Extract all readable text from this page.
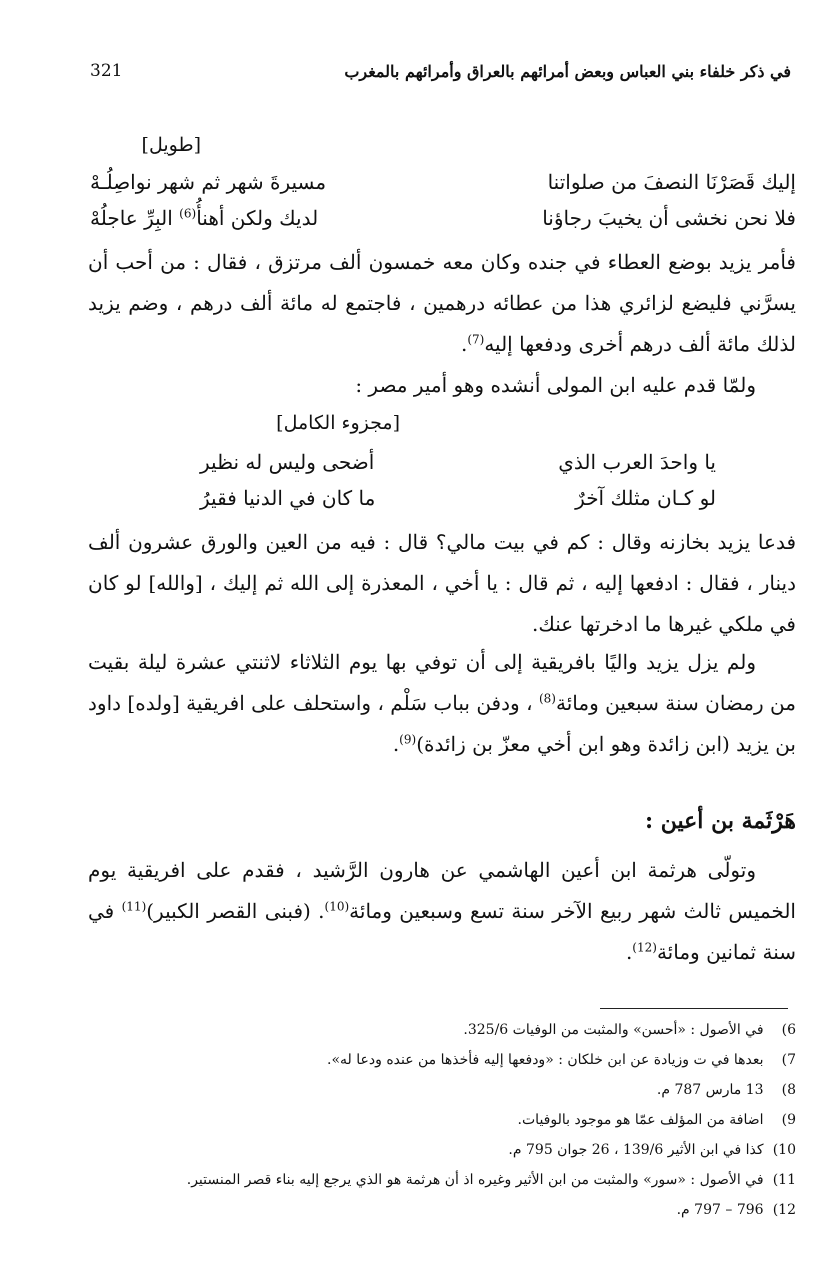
321	في ذكر خلفاء بني العباس وبعض أمرائهم بالعراق وأمرائهم بالمغرب
[طويل]
إليك قَصَرْنَا النصفَ من صلواتنا
مسيرةَ شهر ثم شهر نواصِلُـهْ
فلا نحن نخشى أن يخيبَ رجاؤنا
لديك ولكن أهنأُ$^{(6)}$ البِرِّ عاجلُهْ
فأمر يزيد بوضع العطاء في جنده وكان معه خمسون ألف مرتزق ، فقال : من أحب أن يسرَّني فليضع لزائري هذا من عطائه درهمين ، فاجتمع له مائة ألف درهم ، وضم يزيد لذلك مائة ألف درهم أخرى ودفعها إليه$^{(7)}$.
ولمّا قدم عليه ابن المولى أنشده وهو أمير مصر :
[مجزوء الكامل]
يا واحدَ العرب الذي
أضحى وليس له نظير
لو كـان مثلك آخرٌ
ما كان في الدنيا فقيرُ
فدعا يزيد بخازنه وقال : كم في بيت مالي؟ قال : فيه من العين والورق عشرون ألف دينار ، فقال : ادفعها إليه ، ثم قال : يا أخي ، المعذرة إلى الله ثم إليك ، [والله] لو كان في ملكي غيرها ما ادخرتها عنك.
ولم يزل يزيد واليًا بافريقية إلى أن توفي بها يوم الثلاثاء لاثنتي عشرة ليلة بقيت من رمضان سنة سبعين ومائة$^{(8)}$ ، ودفن بباب سَلْم ، واستحلف على افريقية [ولده] داود بن يزيد (ابن زائدة وهو ابن أخي معزّ بن زائدة)$^{(9)}$.
هَرْثَمة بن أعين :
وتولّى هرثمة ابن أعين الهاشمي عن هارون الرَّشيد ، فقدم على افريقية يوم الخميس ثالث شهر ربيع الآخر سنة تسع وسبعين ومائة$^{(10)}$. (فبنى القصر الكبير)$^{(11)}$ في سنة ثمانين ومائة$^{(12)}$.
6) في الأصول : «أحسن» والمثبت من الوفيات 325/6.
7) بعدها في ت وزيادة عن ابن خلكان : «ودفعها إليه فأخذها من عنده ودعا له».
8) 13 مارس 787 م.
9) اضافة من المؤلف عمّا هو موجود بالوفيات.
10) كذا في ابن الأثير 139/6 ، 26 جوان 795 م.
11) في الأصول : «سور» والمثبت من ابن الأثير وغيره اذ أن هرثمة هو الذي يرجع إليه بناء قصر المنستير.
12) 796 – 797 م.
